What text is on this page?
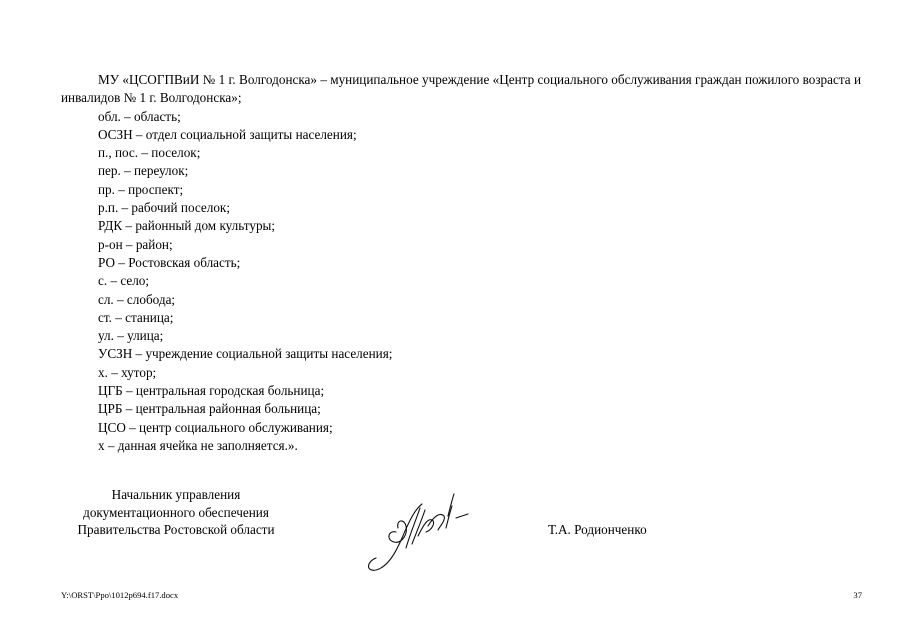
МУ «ЦСОГПВиИ № 1 г. Волгодонска» – муниципальное учреждение «Центр социального обслуживания граждан пожилого возраста и инвалидов № 1 г. Волгодонска»;

обл. – область;
ОСЗН – отдел социальной защиты населения;
п., пос. – поселок;
пер. – переулок;
пр. – проспект;
р.п. – рабочий поселок;
РДК – районный дом культуры;
р-он – район;
РО – Ростовская область;
с. – село;
сл. – слобода;
ст. – станица;
ул. – улица;
УСЗН – учреждение социальной защиты населения;
х. – хутор;
ЦГБ – центральная городская больница;
ЦРБ – центральная районная больница;
ЦСО – центр социального обслуживания;
x – данная ячейка не заполняется.».
Начальник управления
документационного обеспечения
Правительства Ростовской области	Т.А. Родионченко
Y:\ORST\Ppo\1012p694.f17.docx	37
